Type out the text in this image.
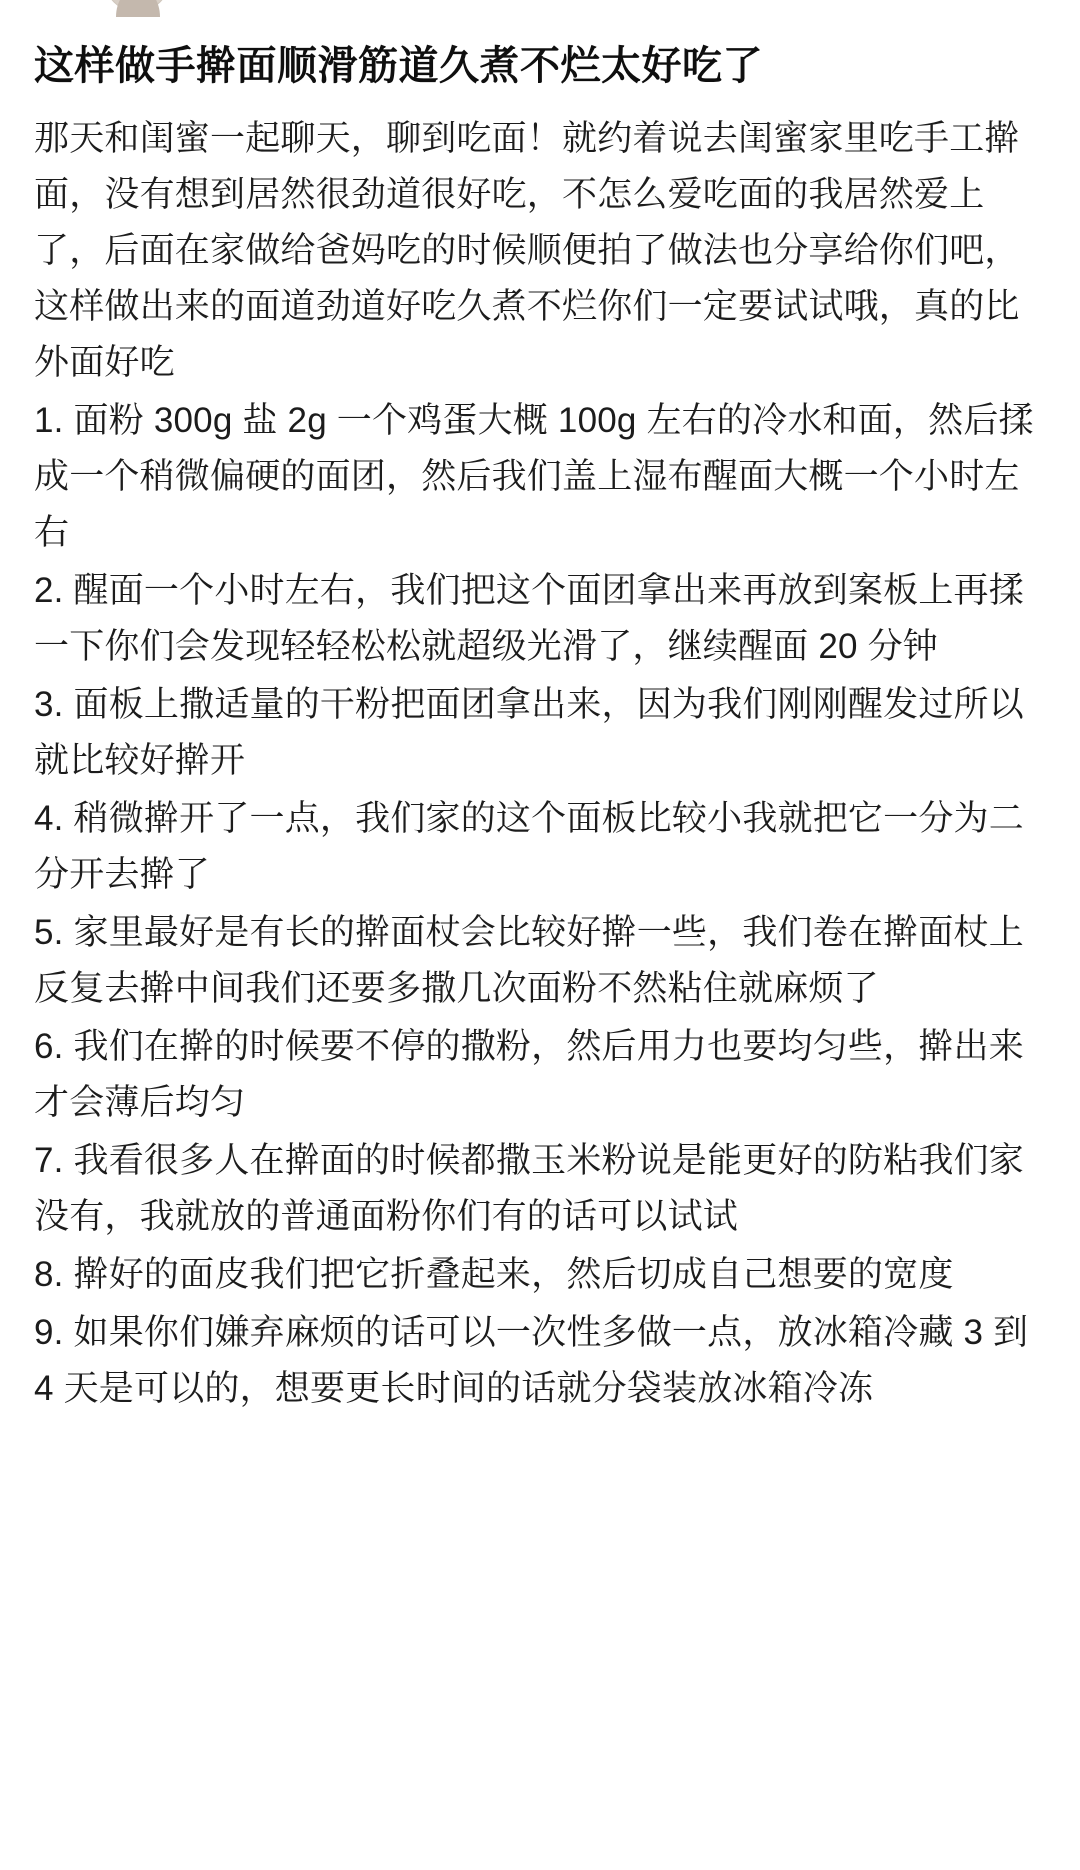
这样做手擀面顺滑筋道久煮不烂太好吃了

那天和闺蜜一起聊天，聊到吃面！就约着说去闺蜜家里吃手工擀面，没有想到居然很劲道很好吃，不怎么爱吃面的我居然爱上了，后面在家做给爸妈吃的时候顺便拍了做法也分享给你们吧，这样做出来的面道劲道好吃久煮不烂你们一定要试试哦，真的比外面好吃

1. 面粉 300g 盐 2g 一个鸡蛋大概 100g 左右的冷水和面，然后揉成一个稍微偏硬的面团，然后我们盖上湿布醒面大概一个小时左右

2. 醒面一个小时左右，我们把这个面团拿出来再放到案板上再揉一下你们会发现轻轻松松就超级光滑了，继续醒面 20 分钟

3. 面板上撒适量的干粉把面团拿出来，因为我们刚刚醒发过所以就比较好擀开

4. 稍微擀开了一点，我们家的这个面板比较小我就把它一分为二分开去擀了

5. 家里最好是有长的擀面杖会比较好擀一些，我们卷在擀面杖上反复去擀中间我们还要多撒几次面粉不然粘住就麻烦了

6. 我们在擀的时候要不停的撒粉，然后用力也要均匀些，擀出来才会薄后均匀

7. 我看很多人在擀面的时候都撒玉米粉说是能更好的防粘我们家没有，我就放的普通面粉你们有的话可以试试

8. 擀好的面皮我们把它折叠起来，然后切成自己想要的宽度

9. 如果你们嫌弃麻烦的话可以一次性多做一点，放冰箱冷藏 3 到 4 天是可以的，想要更长时间的话就分袋装放冰箱冷冻
